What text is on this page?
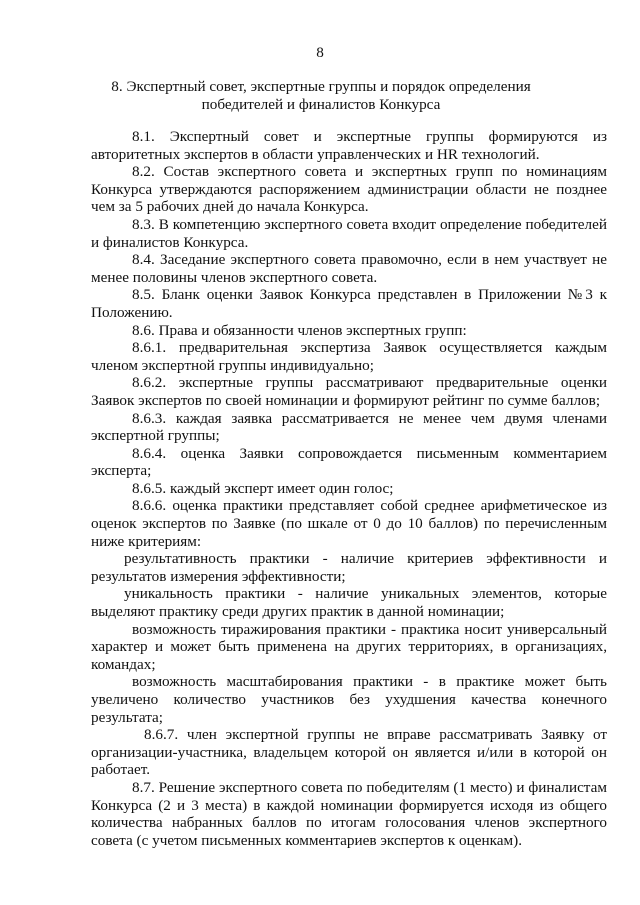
8
8. Экспертный совет, экспертные группы и порядок определения победителей и финалистов Конкурса

8.1. Экспертный совет и экспертные группы формируются из авторитетных экспертов в области управленческих и HR технологий.

8.2. Состав экспертного совета и экспертных групп по номинациям Конкурса утверждаются распоряжением администрации области не позднее чем за 5 рабочих дней до начала Конкурса.

8.3. В компетенцию экспертного совета входит определение победителей и финалистов Конкурса.

8.4. Заседание экспертного совета правомочно, если в нем участвует не менее половины членов экспертного совета.

8.5. Бланк оценки Заявок Конкурса представлен в Приложении №3 к Положению.

8.6. Права и обязанности членов экспертных групп:

8.6.1. предварительная экспертиза Заявок осуществляется каждым членом экспертной группы индивидуально;

8.6.2. экспертные группы рассматривают предварительные оценки Заявок экспертов по своей номинации и формируют рейтинг по сумме баллов;

8.6.3. каждая заявка рассматривается не менее чем двумя членами экспертной группы;

8.6.4. оценка Заявки сопровождается письменным комментарием эксперта;

8.6.5. каждый эксперт имеет один голос;

8.6.6. оценка практики представляет собой среднее арифметическое из оценок экспертов по Заявке (по шкале от 0 до 10 баллов) по перечисленным ниже критериям:

результативность практики - наличие критериев эффективности и результатов измерения эффективности;

уникальность практики - наличие уникальных элементов, которые выделяют практику среди других практик в данной номинации;

возможность тиражирования практики - практика носит универсальный характер и может быть применена на других территориях, в организациях, командах;

возможность масштабирования практики - в практике может быть увеличено количество участников без ухудшения качества конечного результата;

8.6.7. член экспертной группы не вправе рассматривать Заявку от организации-участника, владельцем которой он является и/или в которой он работает.

8.7. Решение экспертного совета по победителям (1 место) и финалистам Конкурса (2 и 3 места) в каждой номинации формируется исходя из общего количества набранных баллов по итогам голосования членов экспертного совета (с учетом письменных комментариев экспертов к оценкам).
